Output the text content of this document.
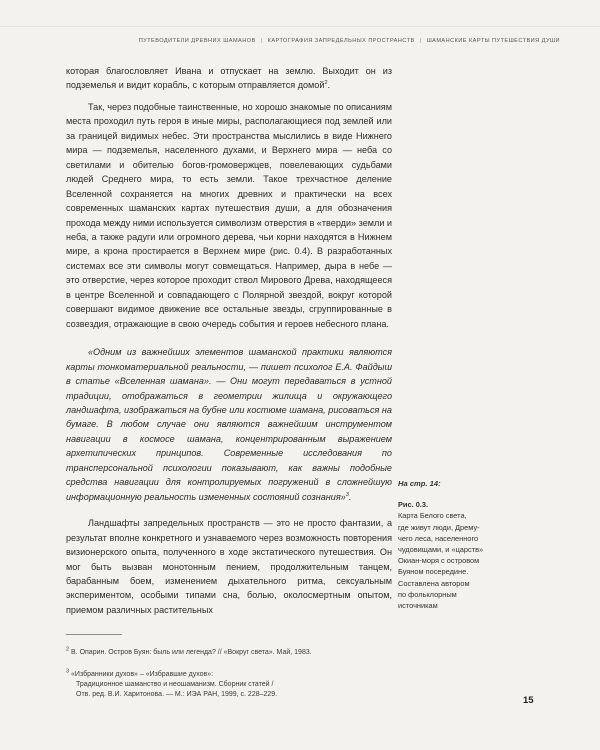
ПУТЕВОДИТЕЛИ ДРЕВНИХ ШАМАНОВ | КАРТОГРАФИЯ ЗАПРЕДЕЛЬНЫХ ПРОСТРАНСТВ | ШАМАНСКИЕ КАРТЫ ПУТЕШЕСТВИЯ ДУШИ

которая благословляет Ивана и отпускает на землю. Выходит он из подземелья и видит корабль, с которым отправляется домой$^2$.

Так, через подобные таинственные, но хорошо знакомые по описаниям места проходил путь героя в иные миры, располагающиеся под землей или за границей видимых небес. Эти пространства мыслились в виде Нижнего мира — подземелья, населенного духами, и Верхнего мира — неба со светилами и обителью богов-громовержцев, повелевающих судьбами людей Среднего мира, то есть земли. Такое трехчастное деление Вселенной сохраняется на многих древних и практически на всех современных шаманских картах путешествия души, а для обозначения прохода между ними используется символизм отверстия в «тверди» земли и неба, а также радуги или огромного дерева, чьи корни находятся в Нижнем мире, а крона простирается в Верхнем мире (рис. 0.4). В разработанных системах все эти символы могут совмещаться. Например, дыра в небе — это отверстие, через которое проходит ствол Мирового Древа, находящееся в центре Вселенной и совпадающего с Полярной звездой, вокруг которой совершают видимое движение все остальные звезды, сгруппированные в созвездия, отражающие в свою очередь события и героев небесного плана.

«Одним из важнейших элементов шаманской практики являются карты тонкоматериальной реальности, — пишет психолог Е.А. Файдыш в статье «Вселенная шамана». — Они могут передаваться в устной традиции, отображаться в геометрии жилища и окружающего ландшафта, изображаться на бубне или костюме шамана, рисоваться на бумаге. В любом случае они являются важнейшим инструментом навигации в космосе шамана, концентрированным выражением архетипических принципов. Современные исследования по трансперсональной психологии показывают, как важны подобные средства навигации для контролируемых погружений в сложнейшую информационную реальность измененных состояний сознания»$^3$.

Ландшафты запредельных пространств — это не просто фантазии, а результат вполне конкретного и узнаваемого через возможность повторения визионерского опыта, полученного в ходе экстатического путешествия. Он мог быть вызван монотонным пением, продолжительным танцем, барабанным боем, изменением дыхательного ритма, сексуальным экспериментом, особыми типами сна, болью, околосмертным опытом, приемом различных растительных

На стр. 14:
Рис. 0.3.
Карта Белого света,
где живут люди, Дрему-
чего леса, населенного
чудовищами, и «царств»
Окиан-моря с островом
Буяном посередине.
Составлена автором
по фольклорным
источникам
$^2$ В. Опарин. Остров Буян: быль или легенда? // «Вокруг света». Май, 1983.
$^3$ «Избранники духов» – «Избравшие духов»:
Традиционное шаманство и неошаманизм. Сборник статей /
Отв. ред. В.И. Харитонова. — М.: ИЭА РАН, 1999, с. 228–229.
15
